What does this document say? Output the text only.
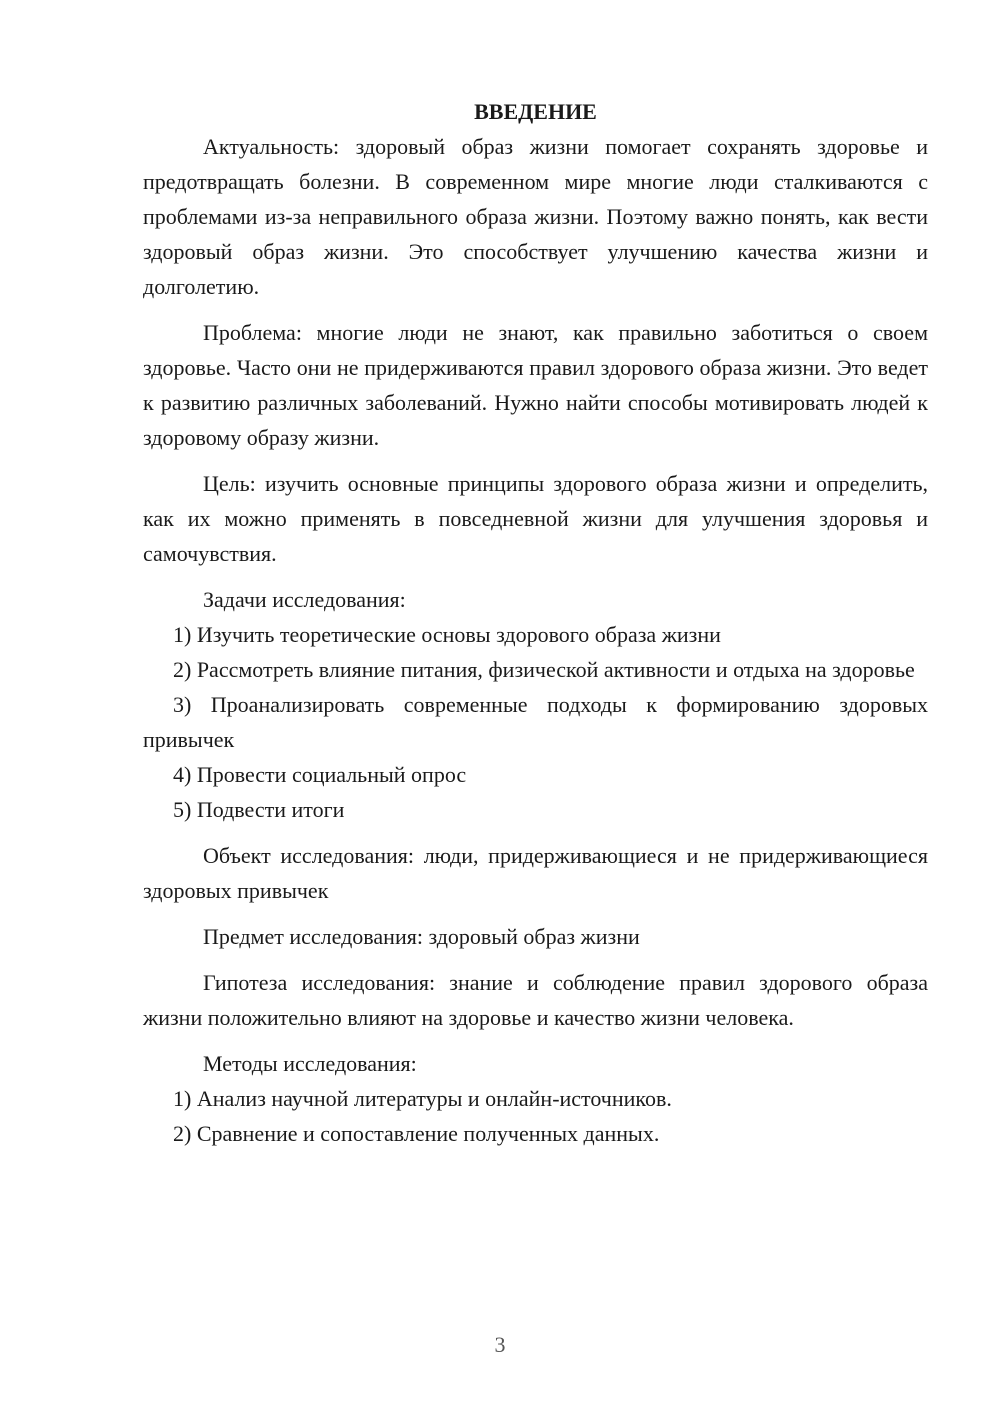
ВВЕДЕНИЕ

Актуальность: здоровый образ жизни помогает сохранять здоровье и предотвращать болезни. В современном мире многие люди сталкиваются с проблемами из-за неправильного образа жизни. Поэтому важно понять, как вести здоровый образ жизни. Это способствует улучшению качества жизни и долголетию.

Проблема: многие люди не знают, как правильно заботиться о своем здоровье. Часто они не придерживаются правил здорового образа жизни. Это ведет к развитию различных заболеваний. Нужно найти способы мотивировать людей к здоровому образу жизни.

Цель: изучить основные принципы здорового образа жизни и определить, как их можно применять в повседневной жизни для улучшения здоровья и самочувствия.

Задачи исследования:

1) Изучить теоретические основы здорового образа жизни

2) Рассмотреть влияние питания, физической активности и отдыха на здоровье

3) Проанализировать современные подходы к формированию здоровых привычек

4) Провести социальный опрос

5) Подвести итоги

Объект исследования: люди, придерживающиеся и не придерживающиеся здоровых привычек

Предмет исследования: здоровый образ жизни

Гипотеза исследования: знание и соблюдение правил здорового образа жизни положительно влияют на здоровье и качество жизни человека.

Методы исследования:

1) Анализ научной литературы и онлайн-источников.

2) Сравнение и сопоставление полученных данных.

3
